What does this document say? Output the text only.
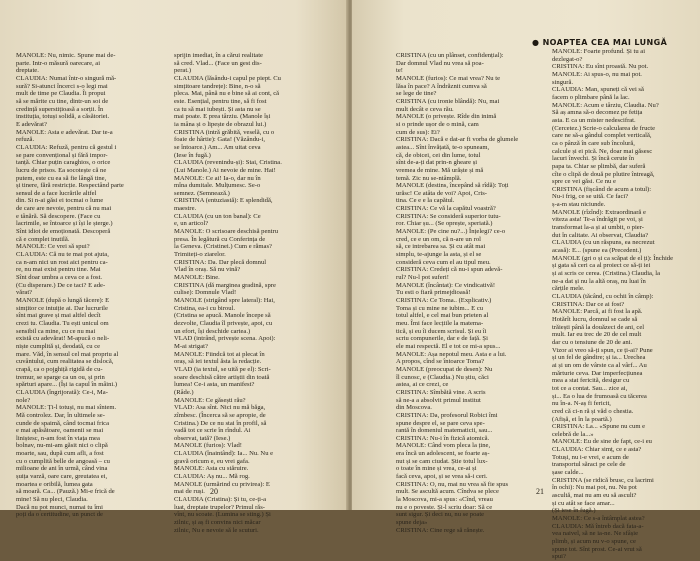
MANOLE: Nu, nimic. Spune mai de-
parte. Intr-o măsură oarecare, ai
dreptate.
CLAUDIA: Numai într-o singură mă-
sură? Si-atunci încerci s-o legi mai
mult de time pe Claudia. Îi propui
să se mărite cu tine, dintr-un soi de
credință superstițioasă a sorții. În
instituția, totuși solidă, a căsătoriei.
E adevărat?
MANOLE: Asta e adevărat. Dar te-a
refuză.
CLAUDIA: Refuză, pentru că gestul i
se pare convențional și fără impor-
tanță. Chiar puțin caraghios, o orice
lucru de prisos. Ea socotește că ne
putem, este cu ea să fie lângă tine,
și tinere, fără restricție. Respectând parte
sensul de a face lucrările altfel
din. Si n-ai găsi ei tocmai o lume
de care are nevoie, pentru că nu mai
e tânără. Să descopere. (Face cu
lacrimile, se întoarce și își le șterge.)
Sînt idiot de emoționată. Descoperă
că e complet inutilă.
MANOLE: Ce vrei să spui?
CLAUDIA: Că nu te mai pot ajuta,
ca n-am nici un rost aici pentru ca-
re, nu mai exist pentru tine. Mai
Sînt doar umbra a ceva ce a fost.
(Cu disperare.) De ce taci? E ade-
vărat?
MANOLE (după o lungă tăcere): E
simțitor ce intuiție ai. Dar lucrurile
sînt mai grave și mai altfel decît
crezi tu. Claudia. Tu ești unicul om
sensibil ca mine, cu ce nu mai
există cu adevărat! M-apucă o neli-
niște cumplită și, deodată, cu ce
mare. Văd, în sensul cel mai propriu al
cuvântului, cum realitatea se dislocă,
crapă, ca o pojghiță rigidă de cu-
tremur, se sparge ca un ou, și prin
spărturi apare... (Își ia capul în mâini.)
CLAUDIA (îngrijorată): Ce-i, Ma-
nole?
MANOLE: Ți-l totuși, nu mai sîntem.
Mă controlez. Dar, în ultimele se-
cunde de spaimă, când tocmai frica
e mai apăsătoare, oamenii se mai
liniștesc, n-am fost în viața mea
bolnav, nu-mi-am găsit nici o clipă
moarte, sau, după cum afli, a fost
cu o cumplită belle de angoasă – cu
milioane de ani în urmă, când vina
șuița varză, oare care, greutatea ei,
moartea e oribilă, lumea gata
să moară. Ca... (Pauză.) Mi-e frică de
mine! Să nu pleci, Claudia.
Dacă nu pot munci, numai tu îmi
poți da o certitudine, un punct de
sprijin imediat, în a cărui realitate
să cred. Vlad... (Face un gest dis-
perat.)
CLAUDIA (lăsându-i capul pe piept. Cu
simțitoare tandrețe): Bine, n-o să
pleca. Mai, până nu e bine să ai cont, că
este. Esențial, pentru tine, să fi fost
ca tu să mai iubești. Și asta nu se
mai poate. E prea târziu. (Manole își
ia mâna și o lipește de obrazul lui.)
CRISTINA (intră grăbită, veselă, cu o
foaie de hârtie): Gata! (Văzându-i,
se întoarce.) Am... Am uitat ceva
(Iese în fugă.)
CLAUDIA (revenindu-și): Stai, Cristina.
(Lui Manole.) Ai nevoie de mine. Hai!
MANOLE: Ce ai! Ia-o, dar nu în
mîna dumitale. Mulțumesc. Se-o
semnez. (Semnează.)
CRISTINA (entuziastă): E splendidă,
maestre.
CLAUDIA (cu un ton banal): Ce
e, un articol?
MANOLE: O scrisoare deschisă pentru
presa. În legătură cu Conferința de
la Geneva. (Cristinei.) Cum e rămas?
Trimiteți-o ziarelor.
CRISTINA: Da. Dar plecă domnul
Vlad în oraș. Să nu vină?
MANOLE: Bine.
CRISTINA (dă marginea gradină, spre
culise): Domnule Vlad!
MANOLE (strigând spre lateral): Hai,
Cristina, ea-i cu biroul.
(Cristina se apucă. Manole începe să
dezvolte, Claudia îl privește, apoi, cu
un efort, își deschide cartea.)
VLAD (intrând, privește scena. Apoi):
M-ai strigat?
MANOLE: Fiindcă tot ai plecat în
oraș, să iei textul ăsta la redacție.
VLAD (ia textul, se uită pe el): Scri-
soare deschisă către artiștii din toată
lumea! Ce-i asta, un manifest?
(Râde.)
MANOLE: Ce găsești rău?
VLAD: Asa sînt. Nici nu mă băga,
zîmbesc. (Încerca să se apropie, de
Cristina.) De ce nu stai în profil, să
vadă tot ce scrie în rîndul. Ai
observat, tată? (Iese.)
MANOLE (furios): Vlad!
CLAUDIA (înaintând): Ia... Nu. Nu e
gravă oricum e, eu vrei gafa.
MANOLE: Asta cu stăruire.
CLAUDIA: Aș nu... Mă rog.
MANOLE (urmărind cu privirea): E
mai de ruși.
CLAUDIA (Cristina): Și tu, ce-ți-a
luat, dreptate trupelor? Primul răs-
vînt, nu scoate. (Lumina se sting.) Și
zilnic, și aș fi convins nici măcar
zilnic, Nu e nevoie să le scuturi.
20
● NOAPTEA CEA MAI LUNGĂ
CRISTINA (cu un plânset, confidențial):
Dar domnul Vlad nu vrea să poa-
te!
MANOLE (furios): Ce mai vrea? Nu te
lăsa în pace? A îndrăznit cumva să
se lege de tine?
CRISTINA (cu ironie blândă): Nu, mai
mult decât e ceva rău.
MANOLE (o privește. Rîde din inimă
si o prinde ușor de o mină, cam
cum de sus): Ei?
CRISTINA: Dacă e dat-ar fi vorba de glumele
astea... Sînt învățată, te-o spuneam,
că, de obicei, cei din lume, totul
sînt de-a-ți dat prin-n gheare și
vremea de mine. Mă urăște și mă
temă. Zic nu se-ntâmplă.
MANOLE (destins, începând să rîdă): Toți
urăsc! Ce atâta de voi? Apoi, Cris-
tina. Ce e e la capătul.
CRISTINA: Ce vă la capătul voastră?
CRISTINA: Se consideră superior tutu-
ror. Chiar șu... (Se oprește, speriată.)
MANOLE: (Pe cine nu?...) Înțelegi? ce-o
cred, ce e un om, că n-are un rol
să, ce intrebarea sa. Și cu atât mai
simplu, te-ajunge la asta, și el se
consideră ceva cum el au tipul meu.
CRISTINA: Credeți că nu-i spun adevă-
rul? Nu-l pot suferi!
MANOLE (încântat): Ce vindicativă!
Tu esti o fiară primejdioasă!
CRISTINA: Ce Toma.. (Explicativ.)
Toma și cu mine ne iubim... E cu
totul altfel, e cel mai bun prieten al
meu. Îmi face lecțiile la matema-
tică, și eu îi ducem scrisul. Și eu îi
scriu compunerile, dar e de față. Și
ele mai respectă. El e tot ce mi-a spus...
MANOLE: Așa nepotul meu. Asta e a lui.
A propos, cînd se întoarce Toma?
MANOLE (preocupat de desen): Nu
îl cunosc, e (Claudia.) Nu știu, căci
astea, ai ce crezi, ce
CRISTINA: Sîmbătă vine. A scris
să ne-a a absolvit primul institut
din Moscova.
CRISTINA: Da, profesorul Robici îmi
spune despre el, se pare ceva spe-
rantă în domeniul matematicii, sau...
CRISTINA: Nu-i în fizică atomică.
MANOLE: Când vom pleca la ține,
era încă un adolescent, se foarte aș-
nut și se cam ciudat. Știe totul lux-
o toate în mine și vrea, ce-ai și
facă ceva, apoi, și se vrea să-i ceri.
CRISTINA: O, nu, mai nu vrea să fie spus
mult. Se ascultă acum. Cîndva se plece
la Moscova, mi-a spus: «Cînd, vreau
nu e o poveste. Și-l scriu doar: Să ce
sunt sigur. Și deci nu, nu se poate
spune deja»
CRISTINA: Cine rege să rănește.
MANOLE: Foarte profund. Și tu ai
dezlegat-o?
CRISTINA: Eu sînt proastă. Nu pot.
MANOLE: Ai spus-o, nu mai pot.
singură.
CLAUDIA: Man, spuneți că vei să
facem o plimbare până la lac.
MANOLE: Acum e târziu, Claudia. Nu?
Să aș amna să-o decomez pe fetița
asta. E ca un mister nedescifrat.
(Cercetez.) Scrie-o calcularea de fructe
care ne să-a gândul complet verticală,
ca o pânză în care sub încolură,
calcule și ei pică. Ne, doar mai găsesc
lacuri învechi. Și încă cerute în
papa ta. Chiar se plimbă, dar suferă
cîte o clipă de două pe plutire întreagă,
spre ce vei găsi. Ce nu e
CRISTINA (fișcând de acum a totul):
Nu-i frig, ce se uită. Ce faci?
ș-a-m stau niciunde.
MANOLE (rîzînd): Extraordinară e
viteza asta! Te-a îndrăgit pe voi, și
transformat la-a și ai umbit, o pier-
dut în calitate. Ai observat, Claudia?
CLAUDIA (cu un răspuns, ea necrezut
acasă): E... (spune ea (Precedent.)
MANOLE (gri o și ca scăpat de el ți): Închide
și gata să ceri ca al proiect ce să-ți iei
și ai scris ce cerea. (Cristina.) Claudia, la
ne-a dat și nu la altă oraș, nu luai în
cărțile mele.
CLAUDIA (tăcând, cu ochii în câmp):
CRISTINA: Dar ce ai fost?
MANOLE: Parcă, ai fi fost la apă.
Hotărît lucru, domnul se cade să
trăiești până la douăzeci de ani, cel
mult. Iar eu trec de 20 de cel mult
dar cu o tensiune de 20 de ani.
Vizor ai vreo să-ți spun, ce ți-ai? Pune
și un fel de gândire; și ia... Urechea
ai și un om de vârste ca al vârf... Au
mărturie ceva. Dar imperfecțiunea
mea a stat fericită, desigur cu
tot ce a contat. Sau... zice ai,
și... Ea o lua de frumoasă cu tăcerea
nu în-a. N-aș fi fericit,
cred că ci-n ră și văd o chestia.
(Afișă, ei în la poartă.)
CRISTINA: La... «Spune nu cum e
celebră de la...»
MANOLE: Eu de sine de fapt, ce-i eu
CLAUDIA: Chiar simț, ce e asta?
Totuși, nu i-e vrei, e acum de
transportul săraci pe cele de
șase calde...
CRISTINA (se ridică brusc, cu lacrimi
în ochi): Nu mai pot, nu. Nu pot
ascultă, mai nu am eu să ascult?
și cu atât se face amar...
(Și iese în fugă.)
MANOLE: Ce s-a întâmplat astea?
CLAUDIA: Mă întreb dacă fata-a-
vea naivel, să ne ia-ne. Ne sfâșie
plimb, și acum nu v-o spune, ce
spune tot. Sînt prost. Ce-ai vrut să
spui?
21
